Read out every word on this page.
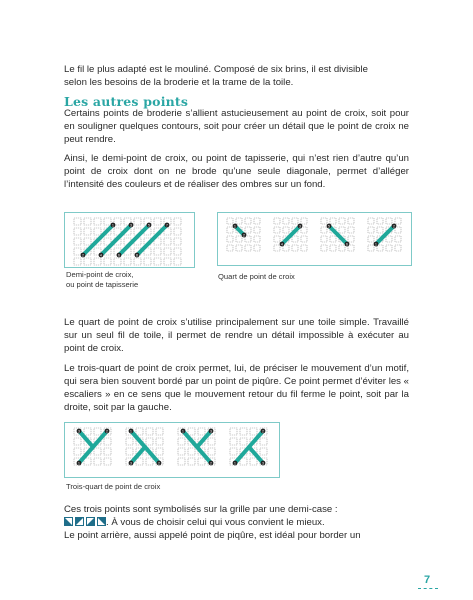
Le fil le plus adapté est le mouliné. Composé de six brins, il est divisible

selon les besoins de la broderie et la trame de la toile.

Les autres points

Certains points de broderie s’allient astucieusement au point de croix, soit pour en souligner quelques contours, soit pour créer un détail que le point de croix ne peut rendre.

Ainsi, le demi-point de croix, ou point de tapisserie, qui n’est rien d’autre qu’un point de croix dont on ne brode qu’une seule diagonale, permet d’alléger l’intensité des couleurs et de réaliser des ombres sur un fond.

1
2
3
4
5
6
7
8
Demi-point de croix,
ou point de tapisserie
1
2
3
4
5
6	1
2
Quart de point de croix

Le quart de point de croix s’utilise principalement sur une toile simple. Travaillé sur un seul fil de toile, il permet de rendre un détail impossible à exécuter au point de croix.

Le trois-quart de point de croix permet, lui, de préciser le mouvement d’un motif, qui sera bien souvent bordé par un point de piqûre. Ce point permet d’éviter les « escaliers » en ce sens que le mouvement retour du fil ferme le point, soit par la droite, soit par la gauche.

1
2
3	1
2
3
1
2
3
1
2
3
Trois-quart de point de croix

Ces trois points sont symbolisés sur la grille par une demi-case :

. À vous de choisir celui qui vous convient le mieux.

Le point arrière, aussi appelé point de piqûre, est idéal pour border un

7
